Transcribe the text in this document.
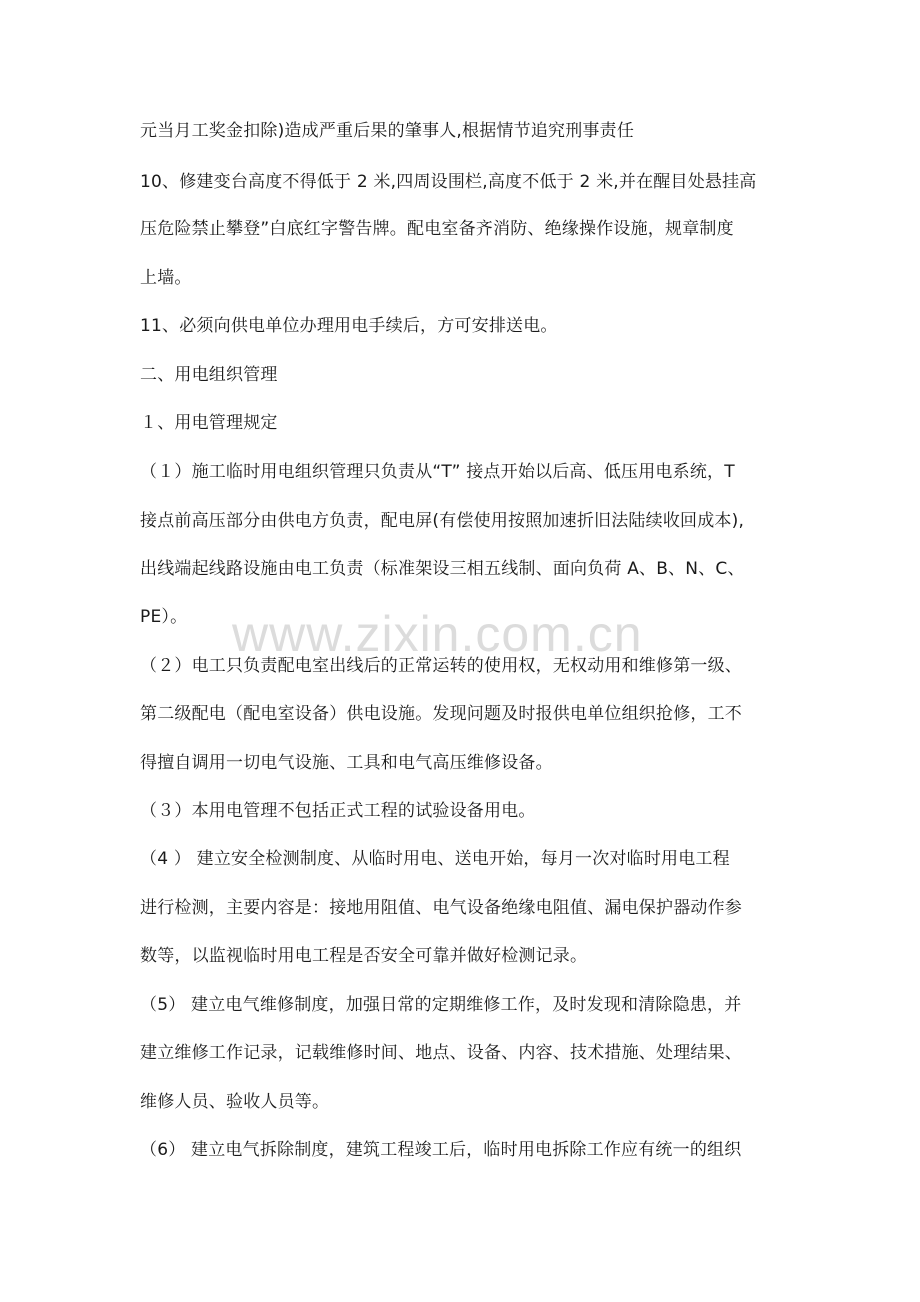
元当月工奖金扣除)造成严重后果的肇事人,根据情节追究刑事责任
10、修建变台高度不得低于 2 米,四周设围栏,高度不低于 2 米,并在醒目处悬挂高
压危险禁止攀登”白底红字警告牌。配电室备齐消防、绝缘操作设施，规章制度
上墙。
11、必须向供电单位办理用电手续后，方可安排送电。
二、用电组织管理
１、用电管理规定
（１）施工临时用电组织管理只负责从“T” 接点开始以后高、低压用电系统，T
接点前高压部分由供电方负责，配电屏(有偿使用按照加速折旧法陆续收回成本),
出线端起线路设施由电工负责（标准架设三相五线制、面向负荷 A、B、N、C、
PE）。
（２）电工只负责配电室出线后的正常运转的使用权，无权动用和维修第一级、
第二级配电（配电室设备）供电设施。发现问题及时报供电单位组织抢修，工不
得擅自调用一切电气设施、工具和电气高压维修设备。
（３）本用电管理不包括正式工程的试验设备用电。
（4 ） 建立安全检测制度、从临时用电、送电开始，每月一次对临时用电工程
进行检测，主要内容是：接地用阻值、电气设备绝缘电阻值、漏电保护器动作参
数等，以监视临时用电工程是否安全可靠并做好检测记录。
（5） 建立电气维修制度，加强日常的定期维修工作，及时发现和清除隐患，并
建立维修工作记录，记载维修时间、地点、设备、内容、技术措施、处理结果、
维修人员、验收人员等。
（6） 建立电气拆除制度，建筑工程竣工后，临时用电拆除工作应有统一的组织
www.zixin.com.cn
